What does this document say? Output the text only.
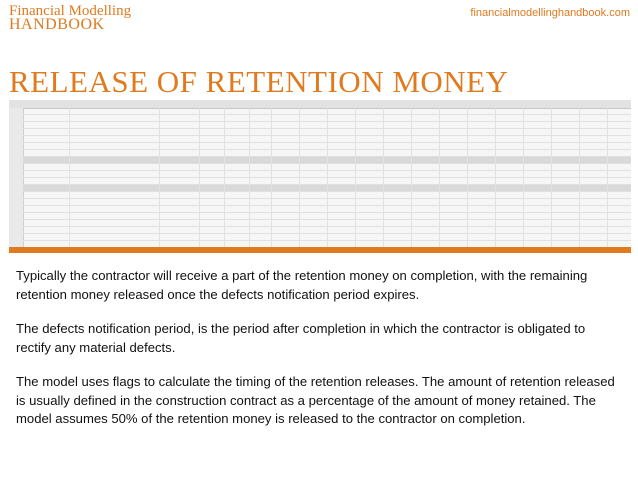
Financial Modelling
HANDBOOK
financialmodellinghandbook.com
RELEASE OF RETENTION MONEY

Typically the contractor will receive a part of the retention money on completion, with the remaining retention money released once the defects notification period expires.

The defects notification period, is the period after completion in which the contractor is obligated to rectify any material defects.

The model uses flags to calculate the timing of the retention releases. The amount of retention released is usually defined in the construction contract as a percentage of the amount of money retained. The model assumes 50% of the retention money is released to the contractor on completion.
